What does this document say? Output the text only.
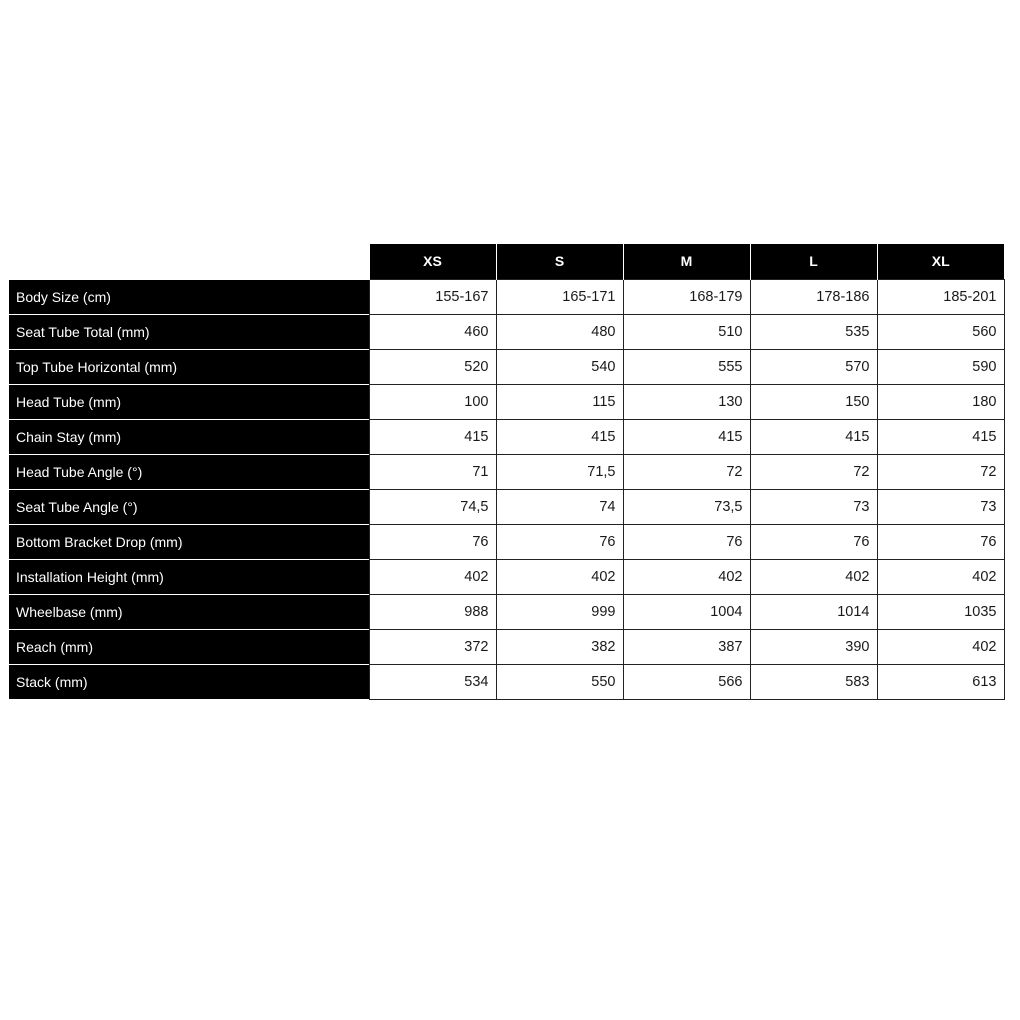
	XS	S	M	L	XL
Body Size (cm)	155-167	165-171	168-179	178-186	185-201
Seat Tube Total (mm)	460	480	510	535	560
Top Tube Horizontal (mm)	520	540	555	570	590
Head Tube (mm)	100	115	130	150	180
Chain Stay (mm)	415	415	415	415	415
Head Tube Angle (°)	71	71,5	72	72	72
Seat Tube Angle (°)	74,5	74	73,5	73	73
Bottom Bracket Drop (mm)	76	76	76	76	76
Installation Height (mm)	402	402	402	402	402
Wheelbase (mm)	988	999	1004	1014	1035
Reach (mm)	372	382	387	390	402
Stack (mm)	534	550	566	583	613
